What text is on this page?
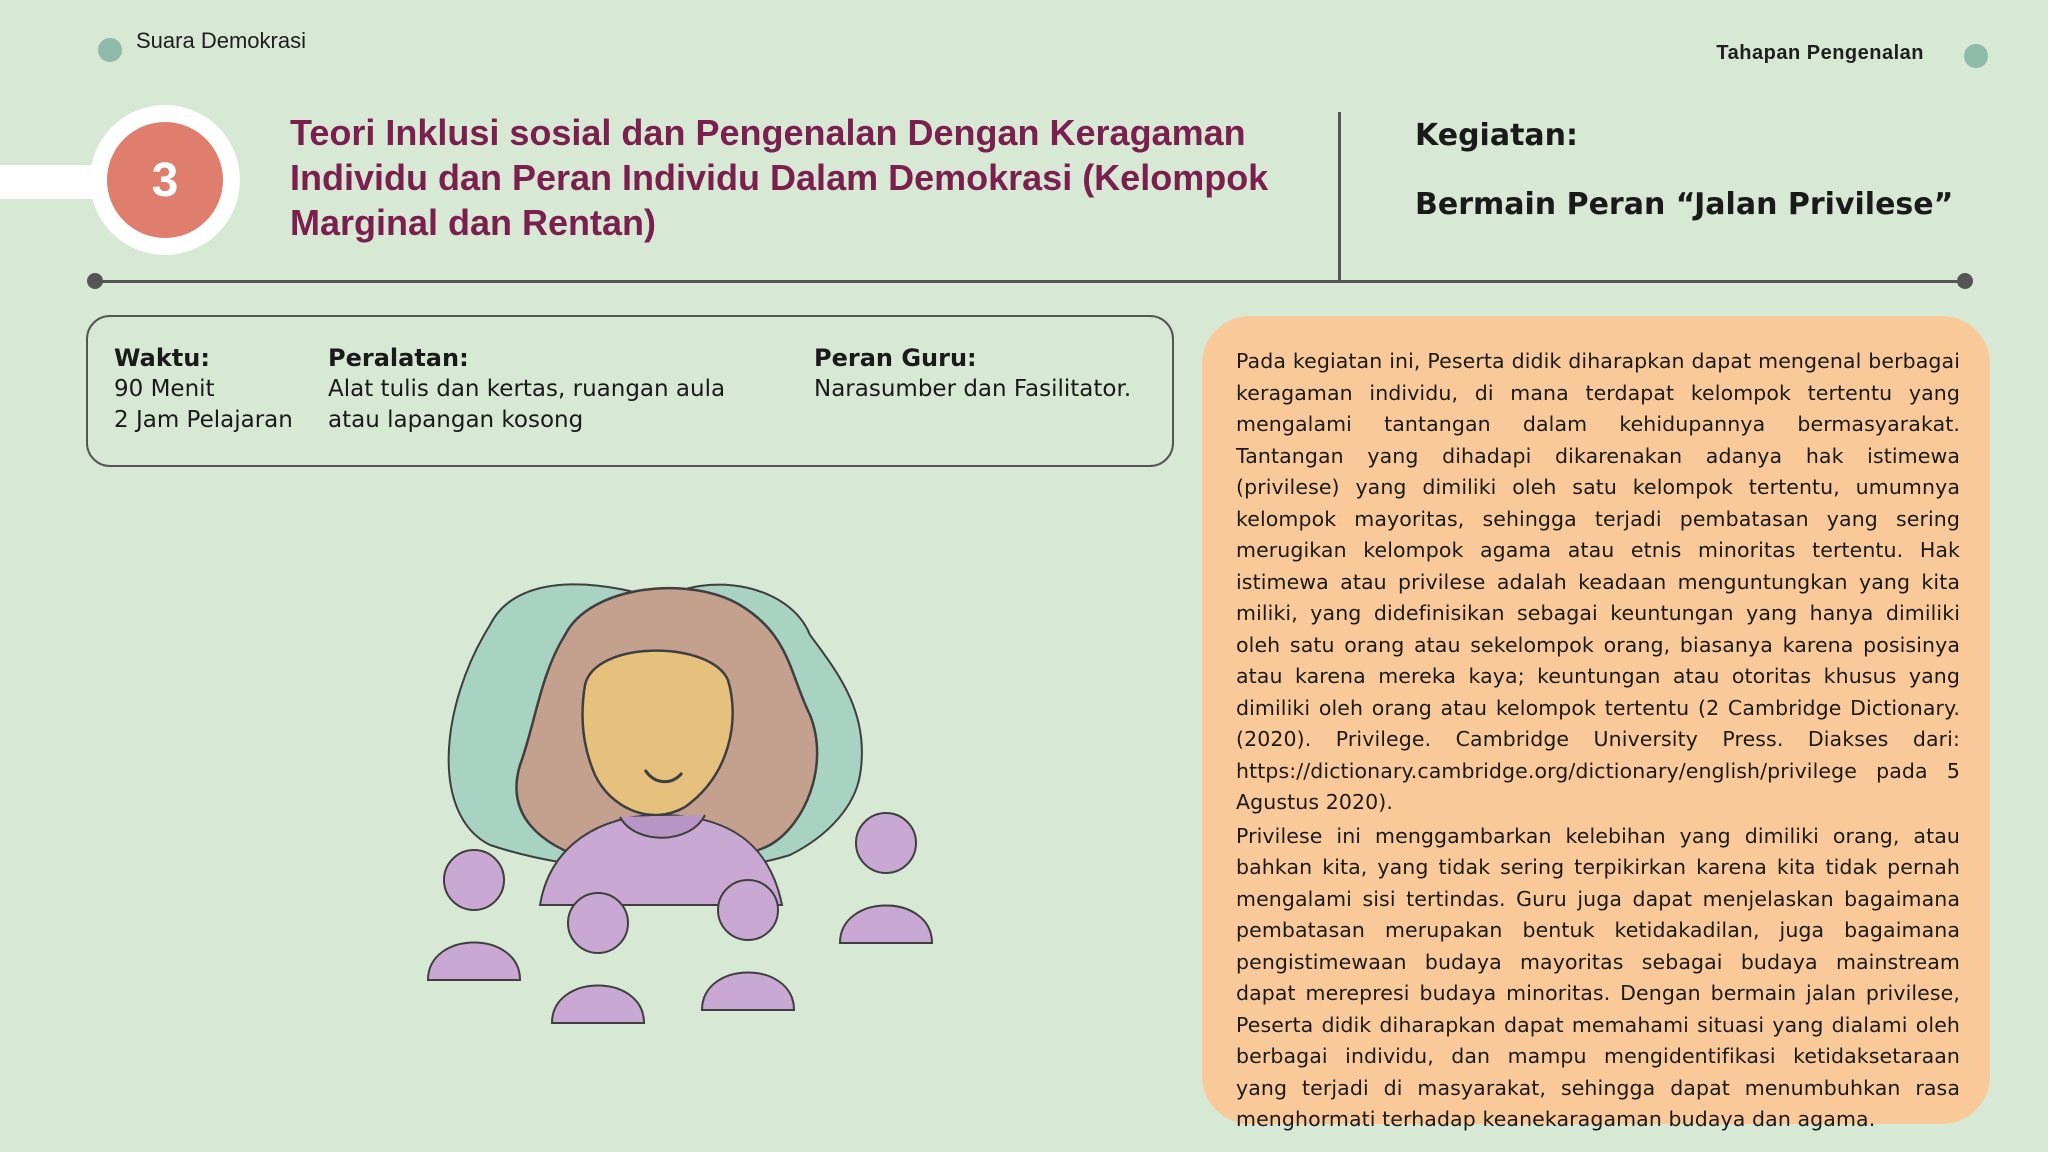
Suara Demokrasi	Tahapan Pengenalan
3
Teori Inklusi sosial dan Pengenalan Dengan Keragaman Individu dan Peran Individu Dalam Demokrasi (Kelompok Marginal dan Rentan)
Kegiatan:
Bermain Peran “Jalan Privilese”
Waktu:
90 Menit
2 Jam Pelajaran
Peralatan:
Alat tulis dan kertas, ruangan aula atau lapangan kosong
Peran Guru:
Narasumber dan Fasilitator.

Pada kegiatan ini, Peserta didik diharapkan dapat mengenal berbagai keragaman individu, di mana terdapat kelompok tertentu yang mengalami tantangan dalam kehidupannya bermasyarakat. Tantangan yang dihadapi dikarenakan adanya hak istimewa (privilese) yang dimiliki oleh satu kelompok tertentu, umumnya kelompok mayoritas, sehingga terjadi pembatasan yang sering merugikan kelompok agama atau etnis minoritas tertentu. Hak istimewa atau privilese adalah keadaan menguntungkan yang kita miliki, yang didefinisikan sebagai keuntungan yang hanya dimiliki oleh satu orang atau sekelompok orang, biasanya karena posisinya atau karena mereka kaya; keuntungan atau otoritas khusus yang dimiliki oleh orang atau kelompok tertentu (2 Cambridge Dictionary. (2020). Privilege. Cambridge University Press. Diakses dari: https://dictionary.cambridge.org/dictionary/english/privilege pada 5 Agustus 2020).

Privilese ini menggambarkan kelebihan yang dimiliki orang, atau bahkan kita, yang tidak sering terpikirkan karena kita tidak pernah mengalami sisi tertindas. Guru juga dapat menjelaskan bagaimana pembatasan merupakan bentuk ketidakadilan, juga bagaimana pengistimewaan budaya mayoritas sebagai budaya mainstream dapat merepresi budaya minoritas. Dengan bermain jalan privilese, Peserta didik diharapkan dapat memahami situasi yang dialami oleh berbagai individu, dan mampu mengidentifikasi ketidaksetaraan yang terjadi di masyarakat, sehingga dapat menumbuhkan rasa menghormati terhadap keanekaragaman budaya dan agama.
